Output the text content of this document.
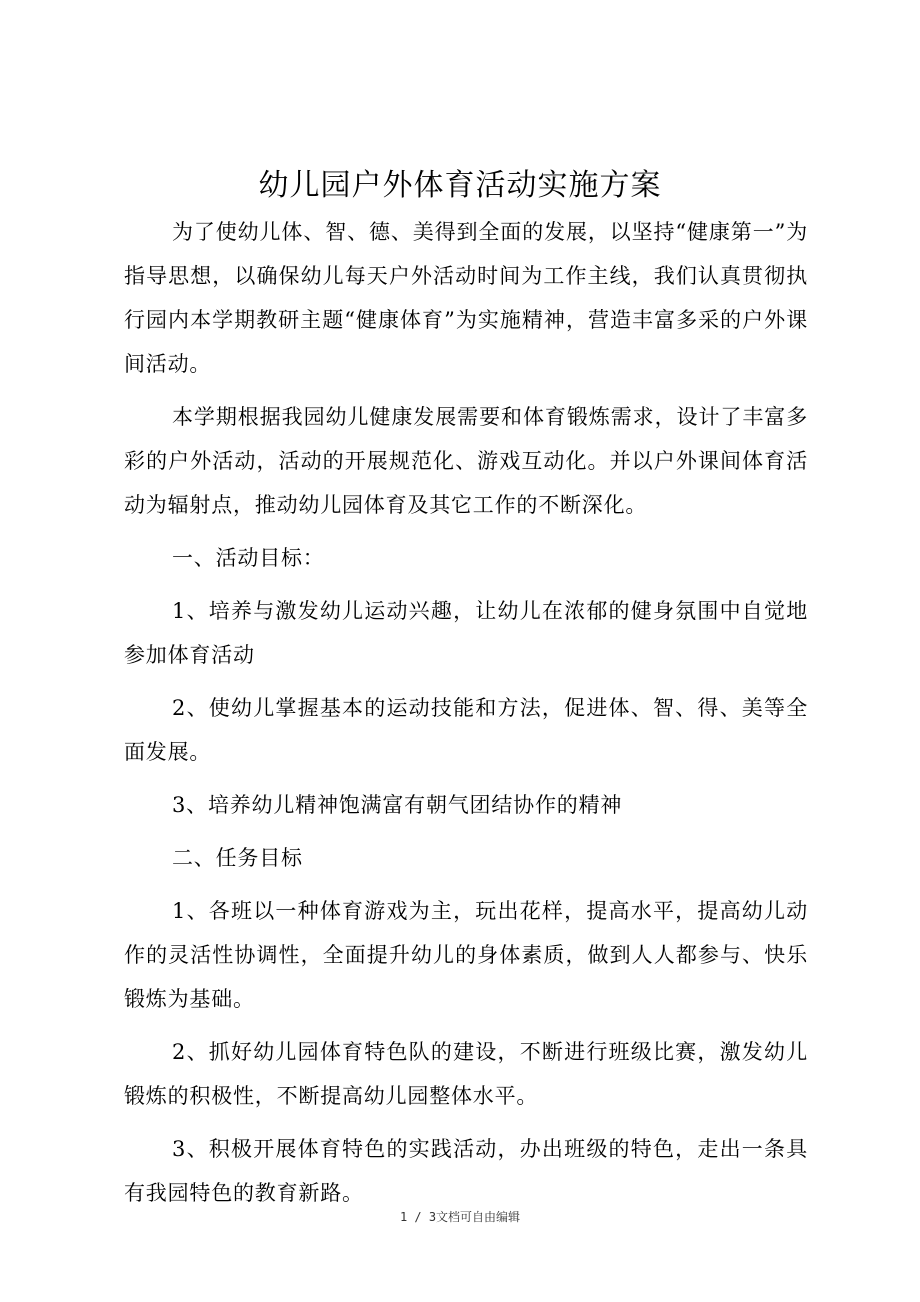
幼儿园户外体育活动实施方案

为了使幼儿体、智、德、美得到全面的发展，以坚持“健康第一”为指导思想，以确保幼儿每天户外活动时间为工作主线，我们认真贯彻执行园内本学期教研主题“健康体育”为实施精神，营造丰富多采的户外课间活动。

本学期根据我园幼儿健康发展需要和体育锻炼需求，设计了丰富多彩的户外活动，活动的开展规范化、游戏互动化。并以户外课间体育活动为辐射点，推动幼儿园体育及其它工作的不断深化。

一、活动目标：

1、培养与激发幼儿运动兴趣，让幼儿在浓郁的健身氛围中自觉地参加体育活动

2、使幼儿掌握基本的运动技能和方法，促进体、智、得、美等全面发展。

3、培养幼儿精神饱满富有朝气团结协作的精神

二、任务目标

1、各班以一种体育游戏为主，玩出花样，提高水平，提高幼儿动作的灵活性协调性，全面提升幼儿的身体素质，做到人人都参与、快乐锻炼为基础。

2、抓好幼儿园体育特色队的建设，不断进行班级比赛，激发幼儿锻炼的积极性，不断提高幼儿园整体水平。

3、积极开展体育特色的实践活动，办出班级的特色，走出一条具有我园特色的教育新路。

1 / 3文档可自由编辑
